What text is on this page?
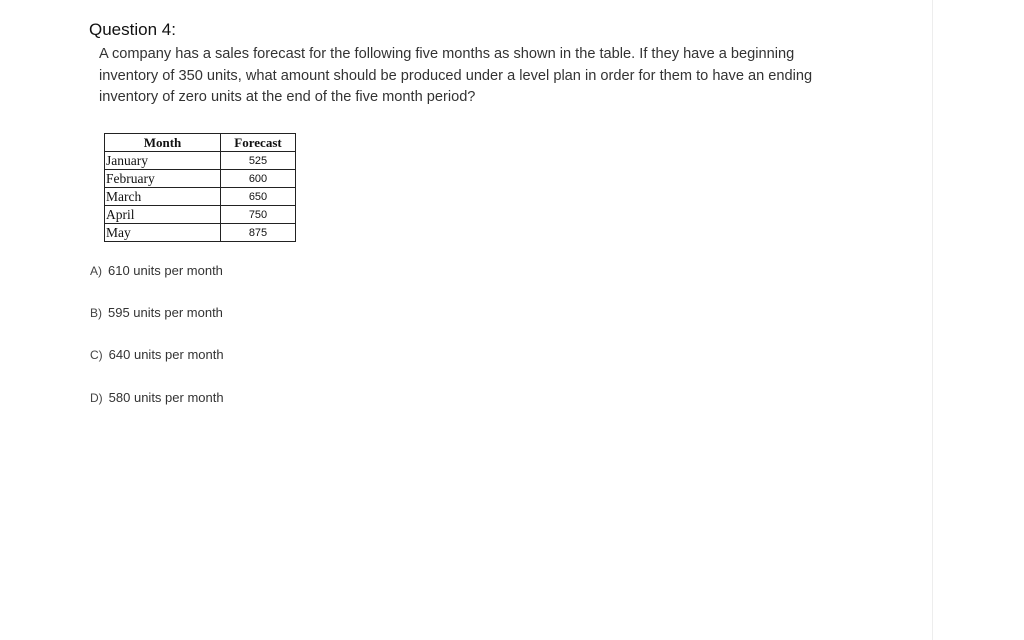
Question 4:
A company has a sales forecast for the following five months as shown in the table. If they have a beginning inventory of 350 units, what amount should be produced under a level plan in order for them to have an ending inventory of zero units at the end of the five month period?
Month	Forecast
January	525
February	600
March	650
April	750
May	875
A) 610 units per month
B) 595 units per month
C) 640 units per month
D) 580 units per month
